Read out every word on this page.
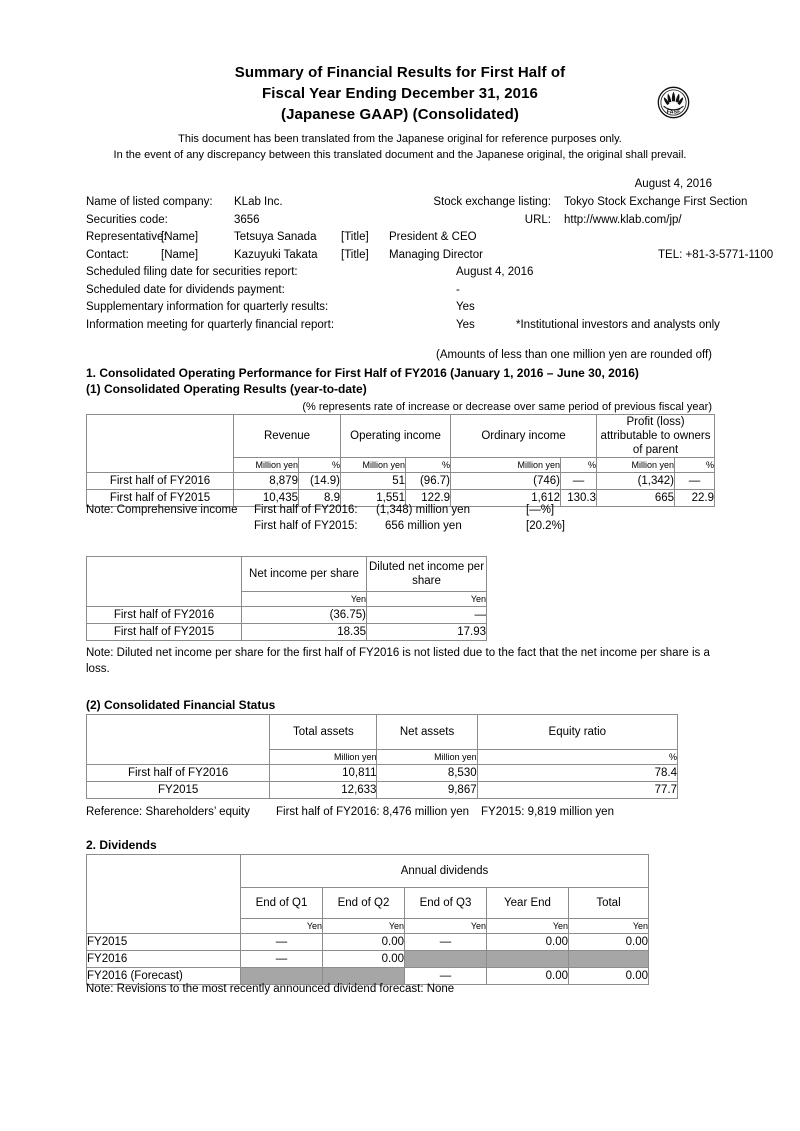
Summary of Financial Results for First Half of
Fiscal Year Ending December 31, 2016
(Japanese GAAP) (Consolidated)	FASF
This document has been translated from the Japanese original for reference purposes only.
In the event of any discrepancy between this translated document and the Japanese original, the original shall prevail.
August 4, 2016
Name of listed company: KLab Inc.	Stock exchange listing: Tokyo Stock Exchange First Section
Securities code:	3656	URL: http://www.klab.com/jp/
Representative:
[Name]	Tetsuya Sanada [Title] President & CEO
Contact:	[Name]	Kazuyuki Takata [Title] Managing Director	TEL: +81-3-5771-1100
Scheduled filing date for securities report:	August 4, 2016
Scheduled date for dividends payment:	-
Supplementary information for quarterly results:	Yes
Information meeting for quarterly financial report:	Yes	*Institutional investors and analysts only
(Amounts of less than one million yen are rounded off)
1. Consolidated Operating Performance for First Half of FY2016 (January 1, 2016 – June 30, 2016)
(1) Consolidated Operating Results (year-to-date)
(% represents rate of increase or decrease over same period of previous fiscal year)
	Revenue		Operating income		Ordinary income		Profit (loss) attributable to owners of parent	
	Million yen	%	Million yen	%	Million yen	%	Million yen	%
First half of FY2016	8,879	(14.9)	51	(96.7)	(746)	—	(1,342)	—
First half of FY2015	10,435	8.9	1,551	122.9	1,612	130.3	665	22.9
Note: Comprehensive income First half of FY2016: (1,348) million yen	[—%]
First half of FY2015:	656 million yen	[20.2%]
	Net income per share	Diluted net income per share
	Yen	Yen
First half of FY2016	(36.75)	—
First half of FY2015	18.35	17.93
Note: Diluted net income per share for the first half of FY2016 is not listed due to the fact that the net income per share is a loss.
(2) Consolidated Financial Status
	Total assets	Net assets	Equity ratio
	Million yen	Million yen	%
First half of FY2016	10,811	8,530	78.4
FY2015	12,633	9,867	77.7
Reference: Shareholders’ equity First half of FY2016: 8,476 million yen FY2015: 9,819 million yen
2. Dividends
	Annual dividends				
	End of Q1	End of Q2	End of Q3	Year End	Total
	Yen	Yen	Yen	Yen	Yen
FY2015	—	0.00	—	0.00	0.00
FY2016	—	0.00			
FY2016 (Forecast)			—	0.00	0.00
Note: Revisions to the most recently announced dividend forecast: None
